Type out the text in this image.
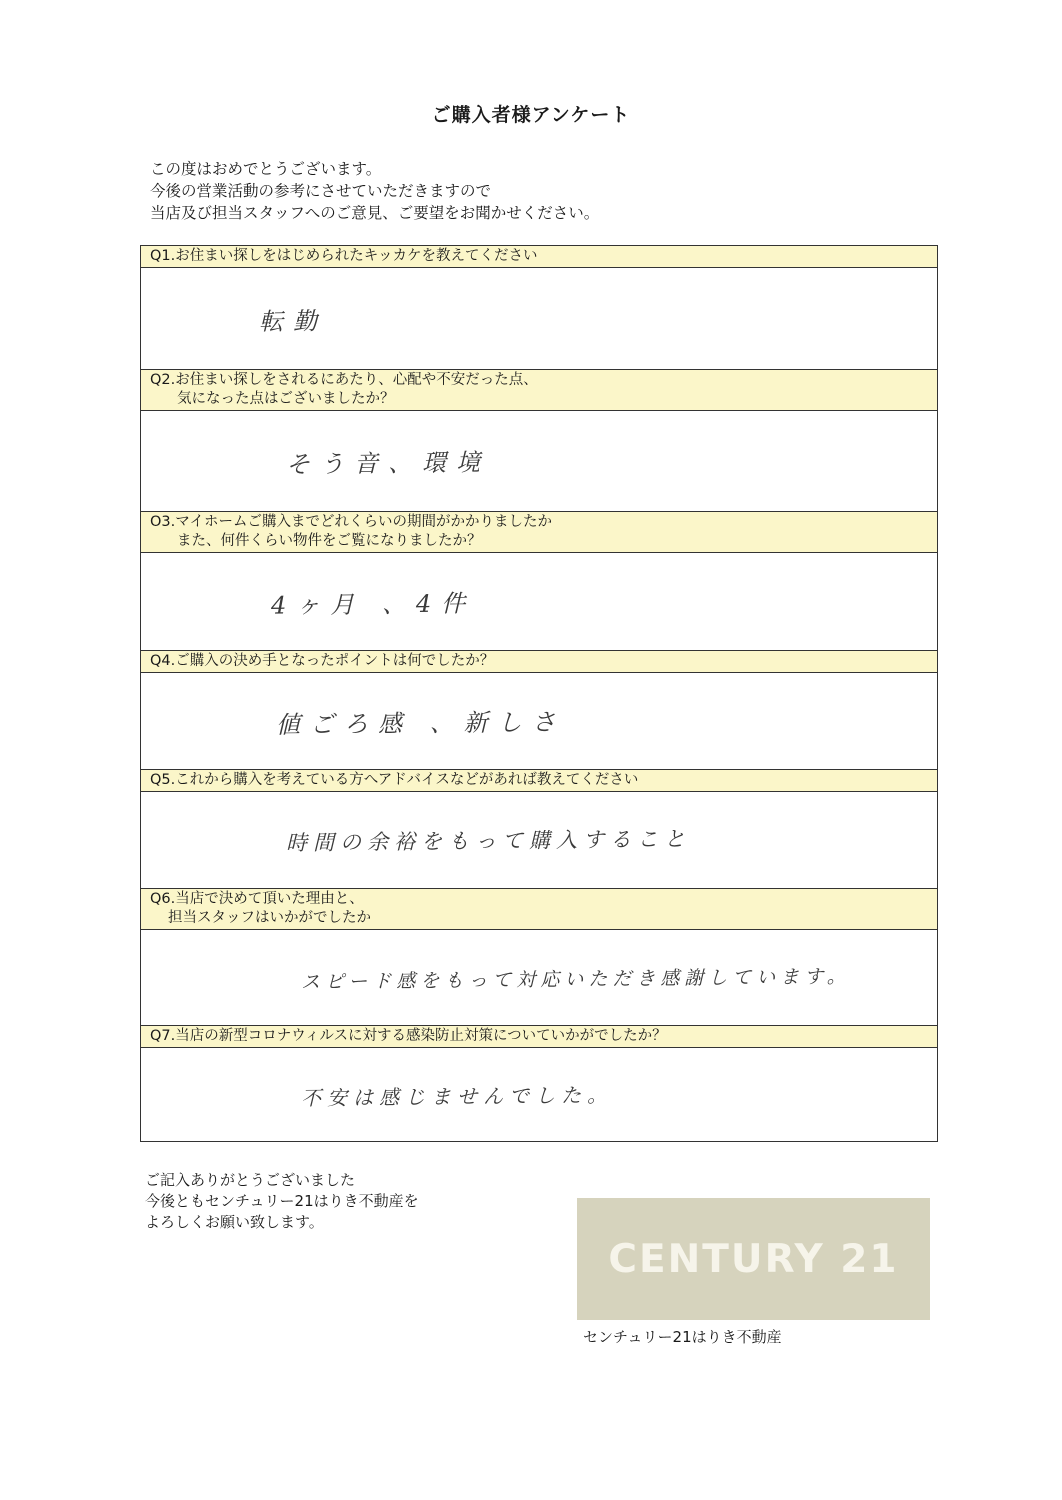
ご購入者様アンケート
この度はおめでとうございます。
今後の営業活動の参考にさせていただきますので
当店及び担当スタッフへのご意見、ご要望をお聞かせください。
Q1.お住まい探しをはじめられたキッカケを教えてください
転勤
Q2.お住まい探しをされるにあたり、心配や不安だった点、
気になった点はございましたか？
そう音、環境
O3.マイホームご購入までどれくらいの期間がかかりましたか
また、何件くらい物件をご覧になりましたか？
4ヶ月 、4件
Q4.ご購入の決め手となったポイントは何でしたか？
値ごろ感 、新しさ
Q5.これから購入を考えている方へアドバイスなどがあれば教えてください
時間の余裕をもって購入すること
Q6.当店で決めて頂いた理由と、
担当スタッフはいかがでしたか
スピード感をもって対応いただき感謝しています。
Q7.当店の新型コロナウィルスに対する感染防止対策についていかがでしたか？
不安は感じませんでした。
ご記入ありがとうございました
今後ともセンチュリー21はりき不動産を
よろしくお願い致します。
CENTURY 21
センチュリー21はりき不動産
